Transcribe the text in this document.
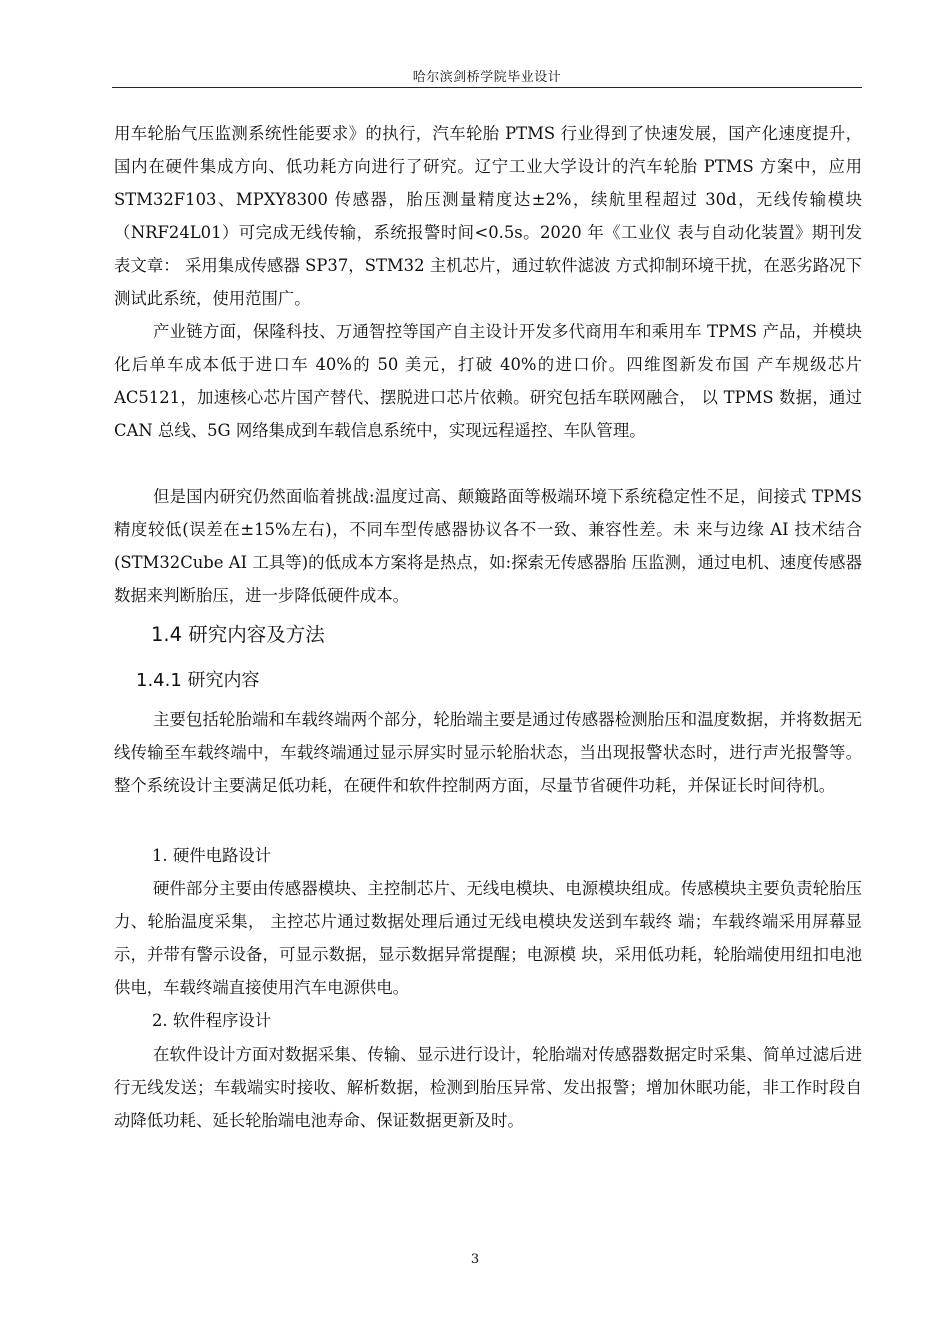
哈尔滨剑桥学院毕业设计

用车轮胎气压监测系统性能要求》的执行，汽车轮胎 PTMS 行业得到了快速发展，国产化速度提升，国内在硬件集成方向、低功耗方向进行了研究。辽宁工业大学设计的汽车轮胎 PTMS 方案中，应用 STM32F103、MPXY8300 传感器，胎压测量精度达±2%，续航里程超过 30d，无线传输模块（NRF24L01）可完成无线传输，系统报警时间<0.5s。2020 年《工业仪 表与自动化装置》期刊发表文章： 采用集成传感器 SP37，STM32 主机芯片，通过软件滤波 方式抑制环境干扰，在恶劣路况下测试此系统，使用范围广。

产业链方面，保隆科技、万通智控等国产自主设计开发多代商用车和乘用车 TPMS 产品，并模块化后单车成本低于进口车 40%的 50 美元，打破 40%的进口价。四维图新发布国 产车规级芯片 AC5121，加速核心芯片国产替代、摆脱进口芯片依赖。研究包括车联网融合， 以 TPMS 数据，通过 CAN 总线、5G 网络集成到车载信息系统中，实现远程遥控、车队管理。

但是国内研究仍然面临着挑战:温度过高、颠簸路面等极端环境下系统稳定性不足，间接式 TPMS 精度较低(误差在±15%左右)，不同车型传感器协议各不一致、兼容性差。未 来与边缘 AI 技术结合(STM32Cube AI 工具等)的低成本方案将是热点，如:探索无传感器胎 压监测，通过电机、速度传感器数据来判断胎压，进一步降低硬件成本。

1.4 研究内容及方法
1.4.1 研究内容

主要包括轮胎端和车载终端两个部分，轮胎端主要是通过传感器检测胎压和温度数据，并将数据无线传输至车载终端中，车载终端通过显示屏实时显示轮胎状态，当出现报警状态时，进行声光报警等。整个系统设计主要满足低功耗，在硬件和软件控制两方面，尽量节省硬件功耗，并保证长时间待机。

1. 硬件电路设计

硬件部分主要由传感器模块、主控制芯片、无线电模块、电源模块组成。传感模块主要负责轮胎压力、轮胎温度采集， 主控芯片通过数据处理后通过无线电模块发送到车载终 端；车载终端采用屏幕显示，并带有警示设备，可显示数据，显示数据异常提醒；电源模 块，采用低功耗，轮胎端使用纽扣电池供电，车载终端直接使用汽车电源供电。

2. 软件程序设计

在软件设计方面对数据采集、传输、显示进行设计，轮胎端对传感器数据定时采集、简单过滤后进行无线发送；车载端实时接收、解析数据，检测到胎压异常、发出报警；增加休眠功能，非工作时段自动降低功耗、延长轮胎端电池寿命、保证数据更新及时。

3
